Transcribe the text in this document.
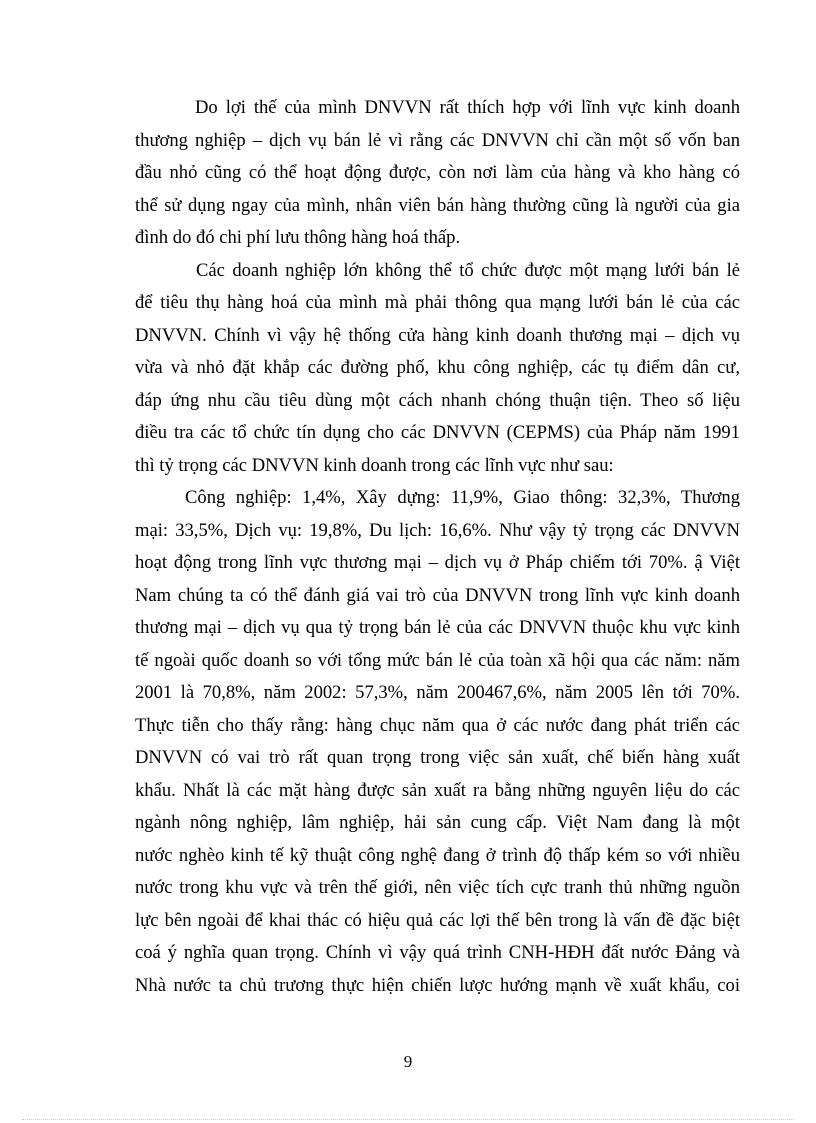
Do lợi thế của mình DNVVN rất thích hợp với lĩnh vực kinh doanh
thương nghiệp – dịch vụ bán lẻ vì rằng các DNVVN chỉ cần một số vốn ban
đầu nhỏ cũng có thể hoạt động được, còn nơi làm của hàng và kho hàng có
thể sử dụng ngay của mình, nhân viên bán hàng thường cũng là người của gia
đình do đó chi phí lưu thông hàng hoá thấp.
Các doanh nghiệp lớn không thể tổ chức được một mạng lưới bán lẻ
để tiêu thụ hàng hoá của mình mà phải thông qua mạng lưới bán lẻ của các
DNVVN. Chính vì vậy hệ thống cửa hàng kinh doanh thương mại – dịch vụ
vừa và nhỏ đặt khắp các đường phố, khu công nghiệp, các tụ điểm dân cư,
đáp ứng nhu cầu tiêu dùng một cách nhanh chóng thuận tiện. Theo số liệu
điều tra các tổ chức tín dụng cho các DNVVN (CEPMS) của Pháp năm 1991
thì tỷ trọng các DNVVN kinh doanh trong các lĩnh vực như sau:
Công nghiệp: 1,4%, Xây dựng: 11,9%, Giao thông: 32,3%, Thương
mại: 33,5%, Dịch vụ: 19,8%, Du lịch: 16,6%. Như vậy tỷ trọng các DNVVN
hoạt động trong lĩnh vực thương mại – dịch vụ ở Pháp chiếm tới 70%. ậ Việt
Nam chúng ta có thể đánh giá vai trò của DNVVN trong lĩnh vực kinh doanh
thương mại – dịch vụ qua tỷ trọng bán lẻ của các DNVVN thuộc khu vực kinh
tế ngoài quốc doanh so với tổng mức bán lẻ của toàn xã hội qua các năm: năm
2001 là 70,8%, năm 2002: 57,3%, năm 200467,6%, năm 2005 lên tới 70%.
Thực tiễn cho thấy rằng: hàng chục năm qua ở các nước đang phát triển các
DNVVN có vai trò rất quan trọng trong việc sản xuất, chế biến hàng xuất
khẩu. Nhất là các mặt hàng được sản xuất ra bằng những nguyên liệu do các
ngành nông nghiệp, lâm nghiệp, hải sản cung cấp. Việt Nam đang là một
nước nghèo kinh tế kỹ thuật công nghệ đang ở trình độ thấp kém so với nhiều
nước trong khu vực và trên thế giới, nên việc tích cực tranh thủ những nguồn
lực bên ngoài để khai thác có hiệu quả các lợi thế bên trong là vấn đề đặc biệt
coá ý nghĩa quan trọng. Chính vì vậy quá trình CNH-HĐH đất nước Đảng và
Nhà nước ta chủ trương thực hiện chiến lược hướng mạnh về xuất khẩu, coi
9
